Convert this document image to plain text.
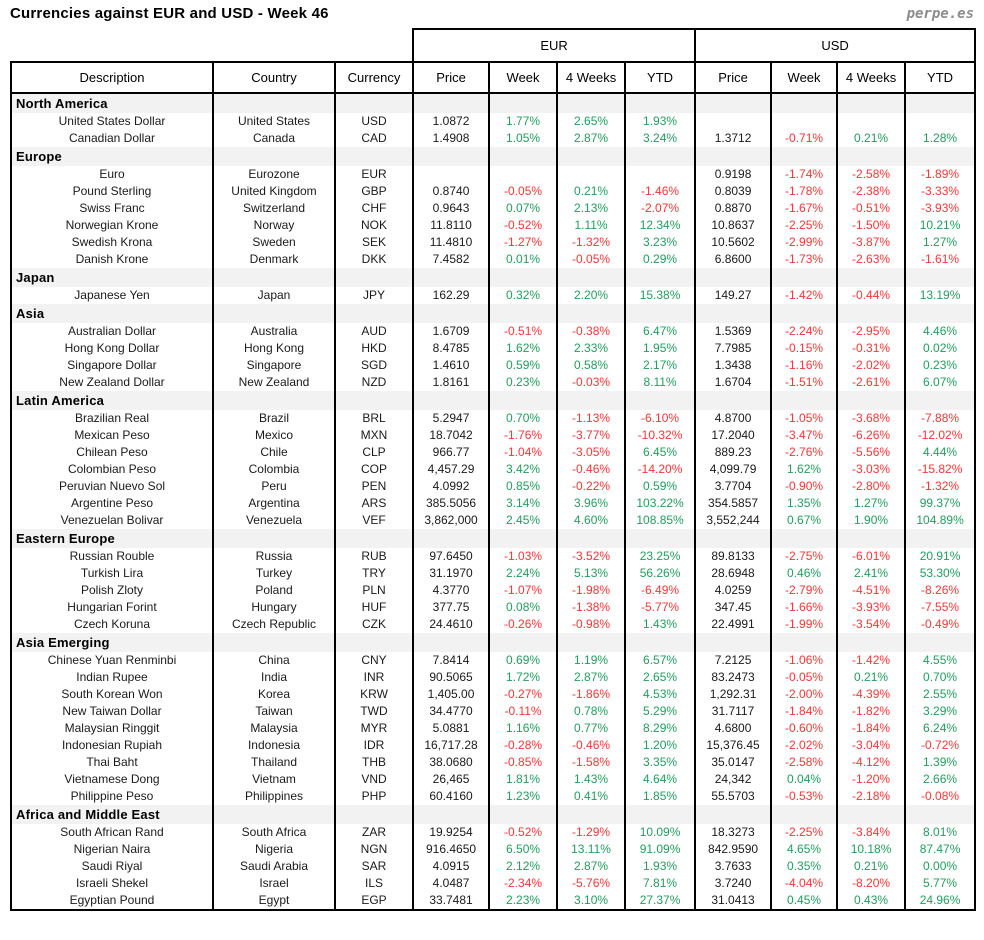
Currencies against EUR and USD - Week 46	perpe.es
			EUR				USD			
Description	Country	Currency	Price	Week	4 Weeks	YTD	Price	Week	4 Weeks	YTD
North America										
United States Dollar	United States	USD	1.0872	1.77%	2.65%	1.93%				
Canadian Dollar	Canada	CAD	1.4908	1.05%	2.87%	3.24%	1.3712	-0.71%	0.21%	1.28%
Europe										
Euro	Eurozone	EUR					0.9198	-1.74%	-2.58%	-1.89%
Pound Sterling	United Kingdom	GBP	0.8740	-0.05%	0.21%	-1.46%	0.8039	-1.78%	-2.38%	-3.33%
Swiss Franc	Switzerland	CHF	0.9643	0.07%	2.13%	-2.07%	0.8870	-1.67%	-0.51%	-3.93%
Norwegian Krone	Norway	NOK	11.8110	-0.52%	1.11%	12.34%	10.8637	-2.25%	-1.50%	10.21%
Swedish Krona	Sweden	SEK	11.4810	-1.27%	-1.32%	3.23%	10.5602	-2.99%	-3.87%	1.27%
Danish Krone	Denmark	DKK	7.4582	0.01%	-0.05%	0.29%	6.8600	-1.73%	-2.63%	-1.61%
Japan										
Japanese Yen	Japan	JPY	162.29	0.32%	2.20%	15.38%	149.27	-1.42%	-0.44%	13.19%
Asia										
Australian Dollar	Australia	AUD	1.6709	-0.51%	-0.38%	6.47%	1.5369	-2.24%	-2.95%	4.46%
Hong Kong Dollar	Hong Kong	HKD	8.4785	1.62%	2.33%	1.95%	7.7985	-0.15%	-0.31%	0.02%
Singapore Dollar	Singapore	SGD	1.4610	0.59%	0.58%	2.17%	1.3438	-1.16%	-2.02%	0.23%
New Zealand Dollar	New Zealand	NZD	1.8161	0.23%	-0.03%	8.11%	1.6704	-1.51%	-2.61%	6.07%
Latin America										
Brazilian Real	Brazil	BRL	5.2947	0.70%	-1.13%	-6.10%	4.8700	-1.05%	-3.68%	-7.88%
Mexican Peso	Mexico	MXN	18.7042	-1.76%	-3.77%	-10.32%	17.2040	-3.47%	-6.26%	-12.02%
Chilean Peso	Chile	CLP	966.77	-1.04%	-3.05%	6.45%	889.23	-2.76%	-5.56%	4.44%
Colombian Peso	Colombia	COP	4,457.29	3.42%	-0.46%	-14.20%	4,099.79	1.62%	-3.03%	-15.82%
Peruvian Nuevo Sol	Peru	PEN	4.0992	0.85%	-0.22%	0.59%	3.7704	-0.90%	-2.80%	-1.32%
Argentine Peso	Argentina	ARS	385.5056	3.14%	3.96%	103.22%	354.5857	1.35%	1.27%	99.37%
Venezuelan Bolivar	Venezuela	VEF	3,862,000	2.45%	4.60%	108.85%	3,552,244	0.67%	1.90%	104.89%
Eastern Europe										
Russian Rouble	Russia	RUB	97.6450	-1.03%	-3.52%	23.25%	89.8133	-2.75%	-6.01%	20.91%
Turkish Lira	Turkey	TRY	31.1970	2.24%	5.13%	56.26%	28.6948	0.46%	2.41%	53.30%
Polish Zloty	Poland	PLN	4.3770	-1.07%	-1.98%	-6.49%	4.0259	-2.79%	-4.51%	-8.26%
Hungarian Forint	Hungary	HUF	377.75	0.08%	-1.38%	-5.77%	347.45	-1.66%	-3.93%	-7.55%
Czech Koruna	Czech Republic	CZK	24.4610	-0.26%	-0.98%	1.43%	22.4991	-1.99%	-3.54%	-0.49%
Asia Emerging										
Chinese Yuan Renminbi	China	CNY	7.8414	0.69%	1.19%	6.57%	7.2125	-1.06%	-1.42%	4.55%
Indian Rupee	India	INR	90.5065	1.72%	2.87%	2.65%	83.2473	-0.05%	0.21%	0.70%
South Korean Won	Korea	KRW	1,405.00	-0.27%	-1.86%	4.53%	1,292.31	-2.00%	-4.39%	2.55%
New Taiwan Dollar	Taiwan	TWD	34.4770	-0.11%	0.78%	5.29%	31.7117	-1.84%	-1.82%	3.29%
Malaysian Ringgit	Malaysia	MYR	5.0881	1.16%	0.77%	8.29%	4.6800	-0.60%	-1.84%	6.24%
Indonesian Rupiah	Indonesia	IDR	16,717.28	-0.28%	-0.46%	1.20%	15,376.45	-2.02%	-3.04%	-0.72%
Thai Baht	Thailand	THB	38.0680	-0.85%	-1.58%	3.35%	35.0147	-2.58%	-4.12%	1.39%
Vietnamese Dong	Vietnam	VND	26,465	1.81%	1.43%	4.64%	24,342	0.04%	-1.20%	2.66%
Philippine Peso	Philippines	PHP	60.4160	1.23%	0.41%	1.85%	55.5703	-0.53%	-2.18%	-0.08%
Africa and Middle East										
South African Rand	South Africa	ZAR	19.9254	-0.52%	-1.29%	10.09%	18.3273	-2.25%	-3.84%	8.01%
Nigerian Naira	Nigeria	NGN	916.4650	6.50%	13.11%	91.09%	842.9590	4.65%	10.18%	87.47%
Saudi Riyal	Saudi Arabia	SAR	4.0915	2.12%	2.87%	1.93%	3.7633	0.35%	0.21%	0.00%
Israeli Shekel	Israel	ILS	4.0487	-2.34%	-5.76%	7.81%	3.7240	-4.04%	-8.20%	5.77%
Egyptian Pound	Egypt	EGP	33.7481	2.23%	3.10%	27.37%	31.0413	0.45%	0.43%	24.96%
